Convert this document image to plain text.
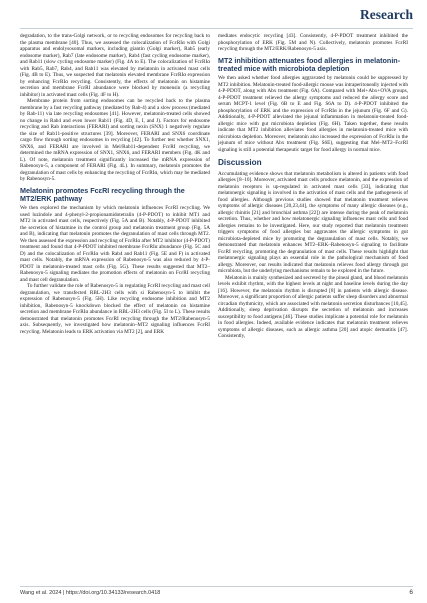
Research

degradation, to the trans-Golgi network, or to recycling endosomes for recycling back to the plasma membrane [40]. Thus, we assessed the colocalization of FcεRIα with Golgi apparatus and endolysosomal markers, including giantin (Golgi marker), Rab5 (early endosome marker), Rab7 (late endosome marker), Rab4 (fast cycling endosome marker), and Rab11 (slow cycling endosome marker) (Fig. 4A to E). The colocalization of FcεRIα with Rab5, Rab7, Rab4, and Rab11 was elevated by melatonin in activated mast cells (Fig. 4B to E). Thus, we suspected that melatonin elevated membrane FcεRIα expression by enhancing FcεRIα recycling. Consistently, the effects of melatonin on histamine secretion and membrane FcεRI abundance were blocked by monensin (a recycling inhibitor) in activated mast cells (Fig. 4F to H).

Membrane protein from sorting endosomes can be recycled back to the plasma membrane by a fast recycling pathway (mediated by Rab-4) and a slow process (mediated by Rab-11) via late recycling endosomes [41]. However, melatonin-treated cells showed no change in Rab4 and even lower Rab11 (Fig. 4D, E, I, and J). Factors for endosome recycling and Rab interactions (FERARI) and sorting nexin (SNX) 1 negatively regulate the size of Rab11-positive structures [39]. Moreover, FERARI and SNX6 coordinate cargo flow through sorting endosomes in recycling [42]. To further test whether SNX1, SNX6, and FERARI are involved in Mel/Rab11-dependent FcεRI recycling, we determined the mRNA expression of SNX1, SNX6, and FERARI members (Fig. 4K and L). Of note, melatonin treatment significantly increased the mRNA expression of Rabenosyn-5, a component of FERARI (Fig. 4L). In summary, melatonin promotes the degranulation of mast cells by enhancing the recycling of FcεRIα, which may be mediated by Rabenosyn-5.

Melatonin promotes FcεRI recycling through the MT2/ERK pathway

We then explored the mechanism by which melatonin influences FcεRI recycling. We used luzindole and 4-phenyl-2-propionamidotetralin (4-P-PDOT) to inhibit MT1 and MT2 in activated mast cells, respectively (Fig. 5A and B). Notably, 4-P-PDOT inhibited the secretion of histamine in the control group and melatonin treatment group (Fig. 5A and B), indicating that melatonin promotes the degranulation of mast cells through MT2. We then assessed the expression and recycling of FcεRIα after MT2 inhibitor (4-P-PDOT) treatment and found that 4-P-PDOT inhibited membrane FcεRIα abundance (Fig. 5C and D) and the colocalization of FcεRIα with Rab4 and Rab11 (Fig. 5E and F) in activated mast cells. Notably, the mRNA expression of Rabenosyn-5 was also reduced by 4-P-PDOT in melatonin-treated mast cells (Fig. 5G). These results suggested that MT2–Rabenosyn-5 signaling mediates the promotion effects of melatonin on FcεRI recycling and mast cell degranulation.

To further validate the role of Rabenosyn-5 in regulating FcεRI recycling and mast cell degranulation, we transfected RBL-2H3 cells with si Rabenosyn-5 to inhibit the expression of Rabenosyn-5 (Fig. 5H). Like recycling endosome inhibition and MT2 inhibition, Rabenosyn-5 knockdown blocked the effect of melatonin on histamine secretion and membrane FcεRIα abundance in RBL-2H3 cells (Fig. 5I to L). These results demonstrated that melatonin promotes FcεRI recycling through the MT2/Rabenosyn-5 axis. Subsequently, we investigated how melatonin–MT2 signaling influences FcεRI recycling. Melatonin leads to ERK activation via MT2 [2], and ERK

mediates endocytic recycling [43]. Consistently, 4-P-PDOT treatment inhibited the phosphorylation of ERK (Fig. 5M and N). Collectively, melatonin promotes FcεRI recycling through the MT2/ERK/Rabenosyn-5 axis.

MT2 inhibition attenuates food allergies in melatonin-treated mice with microbiota depletion

We then asked whether food allergies aggravated by melatonin could be suppressed by MT2 inhibition. Melatonin-treated food-allergic mouse was intraperitoneally injected with 4-P-PDOT, along with Abx treatment (Fig. 6A). Compared with Mel+Abx+OVA groups, 4-P-PDOT treatment relieved the allergy symptoms and reduced the allergy score and serum MCPT-1 level (Fig. 6B to E and Fig. S6A to D). 4-P-PDOT inhibited the phosphorylation of ERK and the expression of FcεRIα in the jejunum (Fig. 6F and G). Additionally, 4-P-PDOT alleviated the jejunal inflammation in melatonin-treated food-allergic mice with gut microbiota depletion (Fig. 6H). Taken together, these results indicate that MT2 inhibition alleviates food allergies in melatonin-treated mice with microbiota depletion. Moreover, melatonin also increased the expression of FcεRIα in the jejunum of mice without Abx treatment (Fig. S6E), suggesting that Mel–MT2–FcεRI signaling is still a potential therapeutic target for food allergy in normal mice.

Discussion

Accumulating evidence shows that melatonin metabolism is altered in patients with food allergies [8–10]. Moreover, activated mast cells produce melatonin, and the expression of melatonin receptors is up-regulated in activated mast cells [33], indicating that melatonergic signaling is involved in the activation of mast cells and the pathogenesis of food allergies. Although previous studies showed that melatonin treatment relieves symptoms of allergic diseases [20,23,44], the symptoms of many allergic diseases (e.g., allergic rhinitis [21] and bronchial asthma [22]) are intense during the peak of melatonin secretion. Thus, whether and how melatonergic signaling influences mast cells and food allergies remains to be investigated. Here, our study reported that melatonin treatment triggers symptoms of food allergies but aggravates the allergic symptoms in gut microbiota-depleted mice by promoting the degranulation of mast cells. Notably, we demonstrated that melatonin enhances MT2–ERK–Rabenosyn-5 signaling to facilitate FcεRI recycling, promoting the degranulation of mast cells. These results highlight that melatonergic signaling plays an essential role in the pathological mechanism of food allergy. Moreover, our results indicated that melatonin relieves food allergy through gut microbiota, but the underlying mechanisms remain to be explored in the future.

Melatonin is mainly synthesized and secreted by the pineal gland, and blood melatonin levels exhibit rhythm, with the highest levels at night and baseline levels during the day [16]. However, the melatonin rhythm is disrupted [8] in patients with allergic disease. Moreover, a significant proportion of allergic patients suffer sleep disorders and abnormal circadian rhythmicity, which are associated with melatonin secretion disturbances [10,45]. Additionally, sleep deprivation disrupts the secretion of melatonin and increases susceptibility to food antigens [46]. These studies implicate a potential role for melatonin in food allergies. Indeed, available evidence indicates that melatonin treatment relieves symptoms of allergic diseases, such as allergic asthma [20] and atopic dermatitis [47]. Consistently,

Wang et al. 2024 | https://doi.org/10.34133/research.0418	6
